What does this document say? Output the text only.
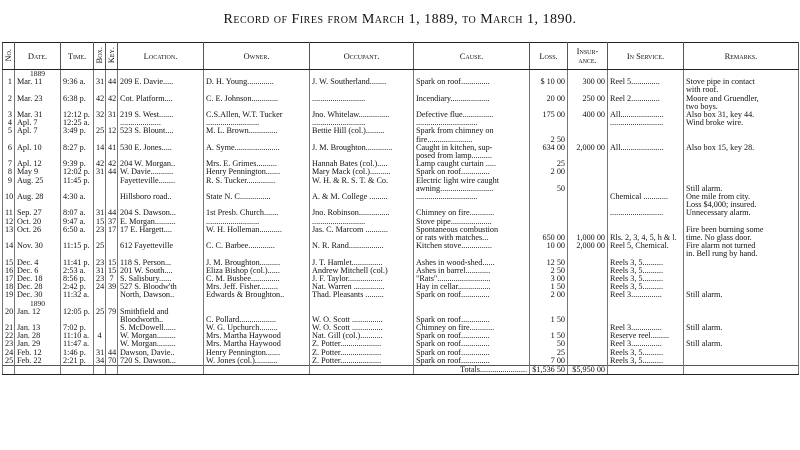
Record of Fires from March 1, 1889, to March 1, 1890.
No.	Date.	Time.	Box.	Key.	Location.	Owner.	Occupant.	Cause.	Loss.	Insur- ance.	In Service.	Remarks.
	1889											
1	Mar. 11	9:36 a.	31	44	209 E. Davie.....	D. H. Young.............	J. W. Southerland........	Spark on roof..............	$ 10 00	300 00	Reel 5..............	Stove pipe in contact
												with roof.
2	Mar. 23	6:38 p.	42	42	Cot. Platform....	C. E. Johnson.............	..........................	Incendiary...................	20 00	250 00	Reel 2..............	Moore and Gruendler,
												two boys.
3	Mar. 31	12:12 p.	32	31	219 S. West.......	C.S.Allen, W.T. Tucker	Jno. Whitelaw...............	Defective flue...............	175 00	400 00	All.....................	Also box 31, key 44.
4	Apl. 7	12:25 a.			....................	..........................	..........................	..............................			..........................	Wind broke wire.
5	Apl. 7	3:49 p.	25	12	523 S. Blount....	M. L. Brown..............	Bettie Hill (col.).........	Spark from chimney on				
								fire......................	2 50			
6	Apl. 10	8:27 p.	14	41	530 E. Jones.....	A. Syme......................	J. M. Broughton.............	Caught in kitchen, sup-	634 00	2,000 00	All.....................	Also box 15, key 28.
								posed from lamp..........				
7	Apl. 12	9:39 p.	42	42	204 W. Morgan..	Mrs. E. Grimes..........	Hannah Bates (col.).....	Lamp caught curtain .....	25			
8	May 9	12:02 p.	31	44	W. Davie...........	Henry Pennington.......	Mary Mack (col.)..........	Spark on roof..............	2 00			
9	Aug. 25	11:45 p.			Fayetteville........	R. S. Tucker..............	W. H. & R. S. T. & Co.	Electric light wire caught				
								awning..........................	50			Still alarm.
10	Aug. 28	4:30 a.			Hillsboro road..	State N. C...............	A. & M. College .........	..............................			Chemical ............	One mile from city.
												Loss $4,000; insured.
11	Sep. 27	8:07 a.	31	44	204 S. Dawson...	1st Presb. Church.......	Jno. Robinson...............	Chimney on fire............			..........................	Unnecessary alarm.
12	Oct. 20	9:47 a.	15	37	E. Morgan..........	..........................	..........................	Stove pipe....................				
13	Oct. 26	6:50 a.	23	17	17 E. Hargett....	W. H. Holleman...........	Jas. C. Marcom ...........	Spontaneous combustion				Fire been burning some
								or rats with matches...	650 00	1,000 00	Rls. 2, 3, 4, 5, h & l.	time. No glass door.
14	Nov. 30	11:15 p.	25		612 Fayetteville	C. C. Barbee.............	N. R. Rand.................	Kitchen stove...............	10 00	2,000 00	Reel 5, Chemical.	Fire alarm not turned
												in. Bell rung by hand.
15	Dec. 4	11:41 p.	23	15	118 S. Person...	J. M. Broughton..........	J. T. Hamlet...............	Ashes in wood-shed......	12 50		Reels 3, 5..........	
16	Dec. 6	2:53 a.	31	15	201 W. South....	Eliza Bishop (col.)......	Andrew Mitchell (col.)	Ashes in barrel............	2 50		Reels 3, 5..........	
17	Dec. 18	8:56 p.	23	7	S. Salisbury......	C. M. Busbee..............	J. F. Taylor.................	"Rats"..........................	3 00		Reels 3, 5..........	
18	Dec. 28	2:42 p.	24	39	527 S. Bloodw'th	Mrs. Jeff. Fisher.........	Nat. Warren ...............	Hay in cellar................	1 50		Reels 3, 5..........	
19	Dec. 30	11:32 a.			North, Dawson..	Edwards & Broughton..	Thad. Pleasants .........	Spark on roof..............	2 00		Reel 3...............	Still alarm.
	1890											
20	Jan. 12	12:05 p.	25	79	Smithfield and							
					Bloodworth..	C. Pollard..................	W. O. Scott ...............	Spark on roof..............	1 50			
21	Jan. 13	7:02 p.			S. McDowell......	W. G. Upchurch.........	W. O. Scott ...............	Chimney on fire............			Reel 3...............	Still alarm.
22	Jan. 28	11:10 a.	4		W. Morgan.........	Mrs. Martha Haywood	Nat. Gill (col.)...........	Spark on roof..............	1 50		Reserve reel.........	
23	Jan. 29	11:47 a.			W. Morgan.........	Mrs. Martha Haywood	Z. Potter....................	Spark on roof..............	50		Reel 3...............	Still alarm.
24	Feb. 12	1:46 p.	31	44	Dawson, Davie..	Henry Pennington.......	Z. Potter....................	Spark on roof..............	25		Reels 3, 5..........	
25	Feb. 22	2:21 p.	34	70	720 S. Dawson...	W. Jones (col.)...........	Z. Potter....................	Spark on roof..............	7 00		Reels 3, 5..........	
								Totals.......................	$1,536 50	$5,950 00		
